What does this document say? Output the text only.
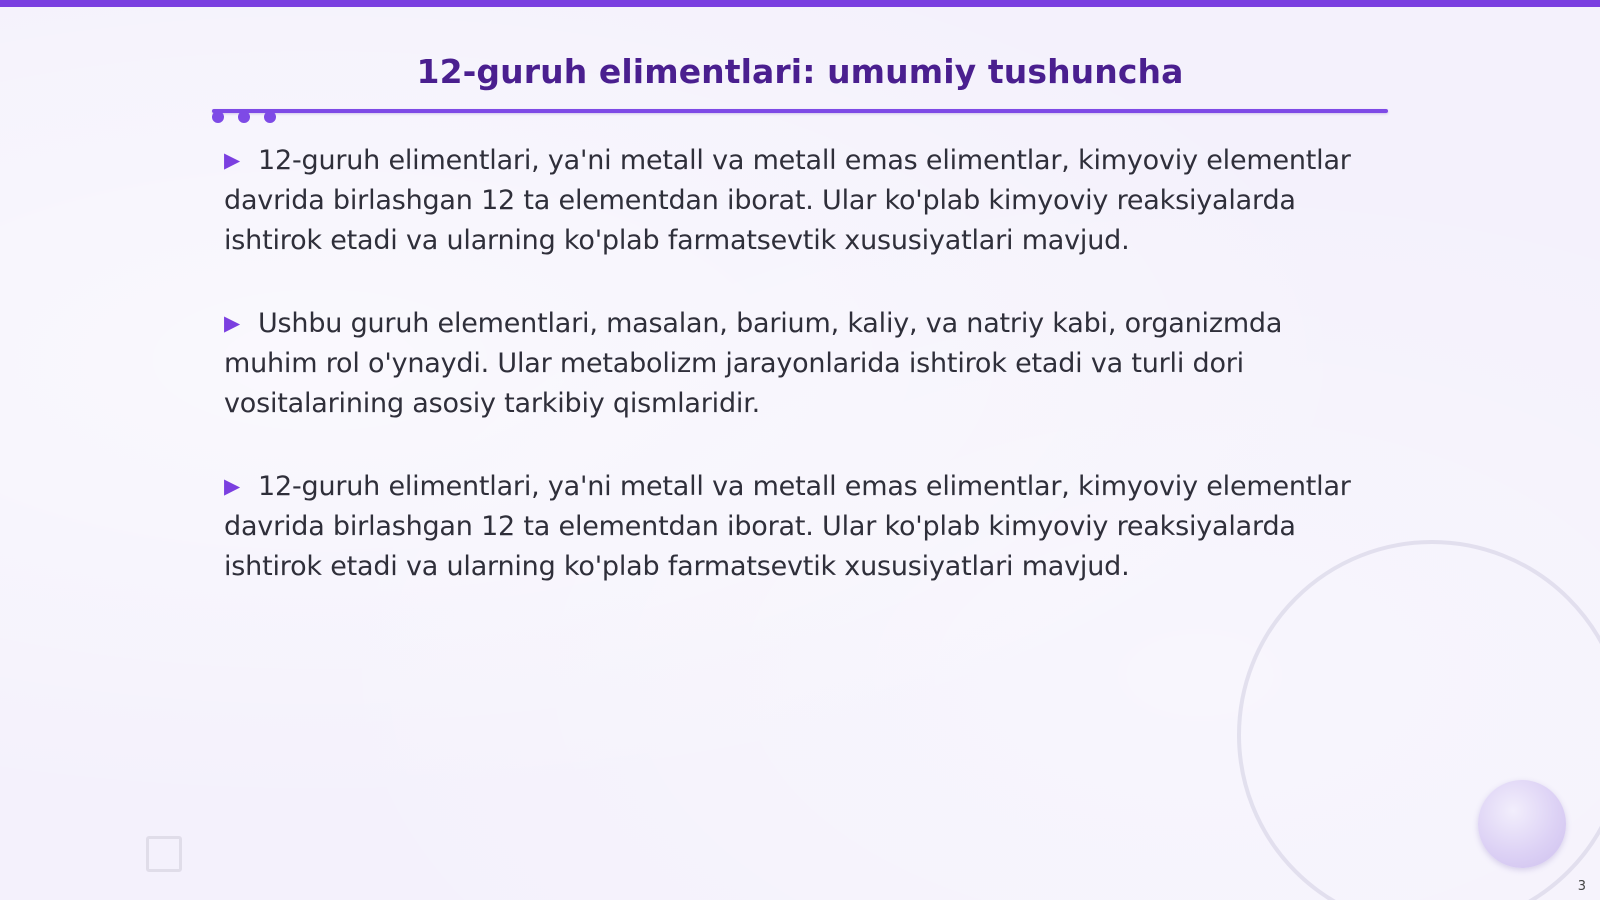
12-guruh elimentlari: umumiy tushuncha

▶ 12-guruh elimentlari, ya'ni metall va metall emas elimentlar, kimyoviy elementlar davrida birlashgan 12 ta elementdan iborat. Ular ko'plab kimyoviy reaksiyalarda ishtirok etadi va ularning ko'plab farmatsevtik xususiyatlari mavjud.

▶ Ushbu guruh elementlari, masalan, barium, kaliy, va natriy kabi, organizmda muhim rol o'ynaydi. Ular metabolizm jarayonlarida ishtirok etadi va turli dori vositalarining asosiy tarkibiy qismlaridir.

▶ 12-guruh elimentlari, ya'ni metall va metall emas elimentlar, kimyoviy elementlar davrida birlashgan 12 ta elementdan iborat. Ular ko'plab kimyoviy reaksiyalarda ishtirok etadi va ularning ko'plab farmatsevtik xususiyatlari mavjud.

3
